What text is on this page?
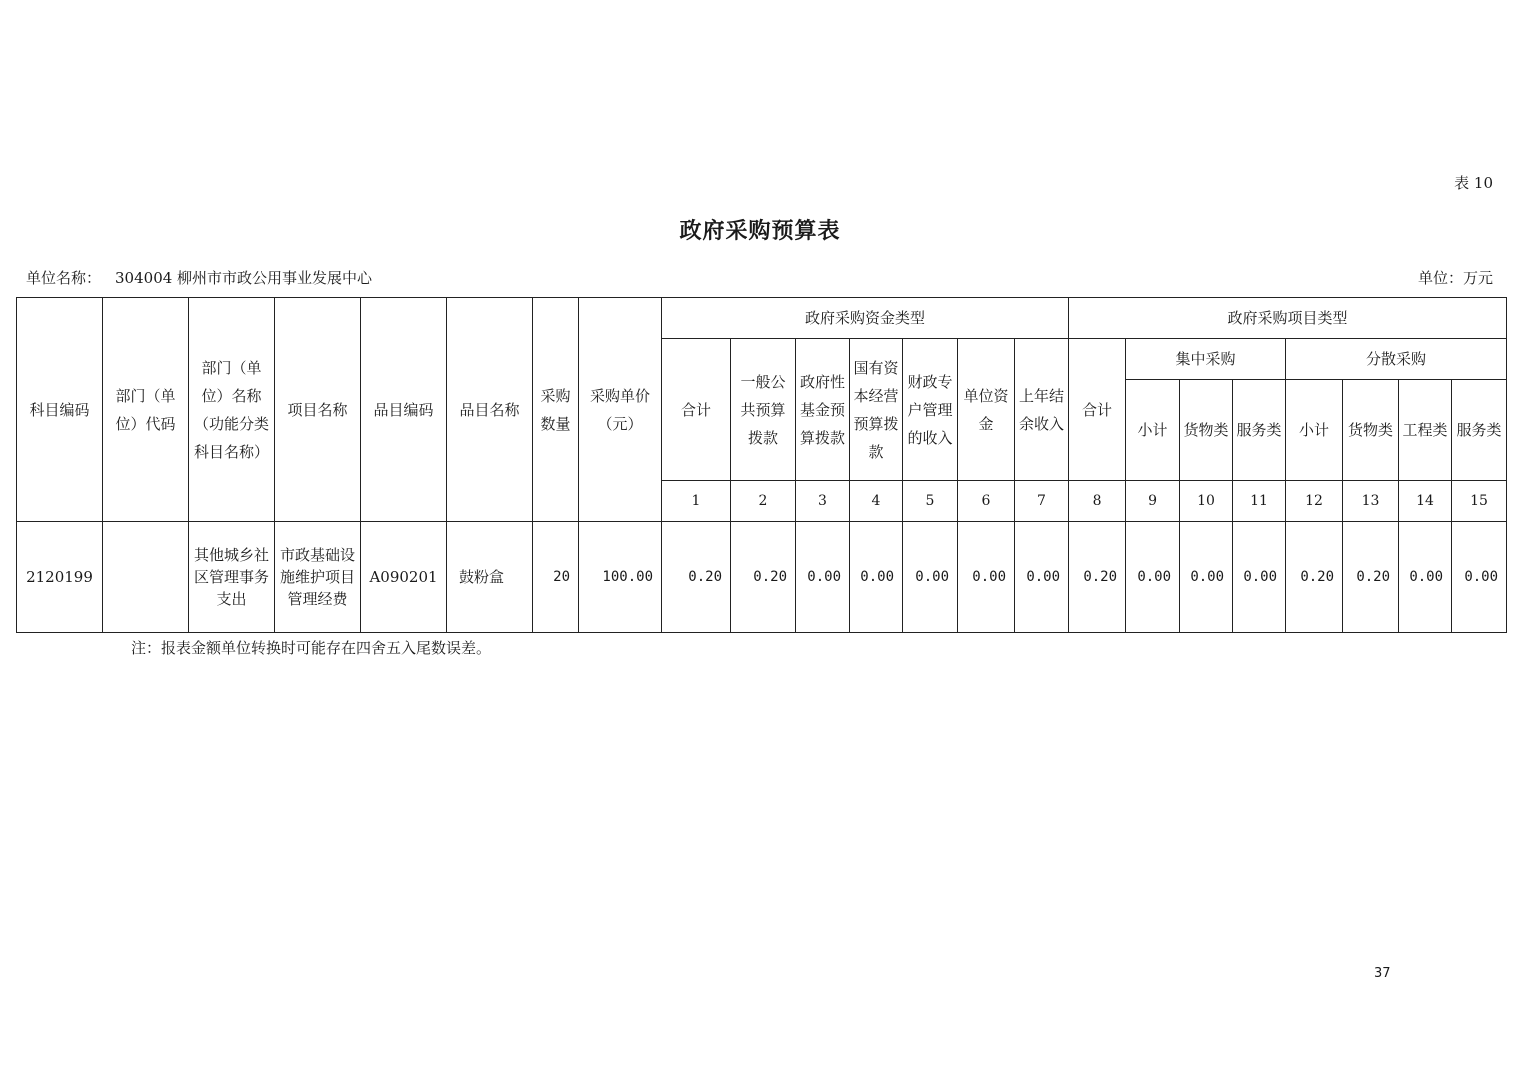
表 10
政府采购预算表
单位名称： 304004 柳州市市政公用事业发展中心	单位：万元
科目编码	部门（单位）代码	部门（单位）名称（功能分类科目名称）	项目名称	品目编码	品目名称	采购数量	采购单价（元）	政府采购资金类型							政府采购项目类型							
								合计	一般公共预算拨款	政府性基金预算拨款	国有资本经营预算拨款	财政专户管理的收入	单位资金	上年结余收入	合计	集中采购			分散采购			
																小计	货物类	服务类	小计	货物类	工程类	服务类
								1	2	3	4	5	6	7	8	9	10	11	12	13	14	15
2120199		其他城乡社区管理事务支出	市政基础设施维护项目管理经费	A090201	鼓粉盒	20	100.00	0.20	0.20	0.00	0.00	0.00	0.00	0.00	0.20	0.00	0.00	0.00	0.20	0.20	0.00	0.00
注：报表金额单位转换时可能存在四舍五入尾数误差。
37
